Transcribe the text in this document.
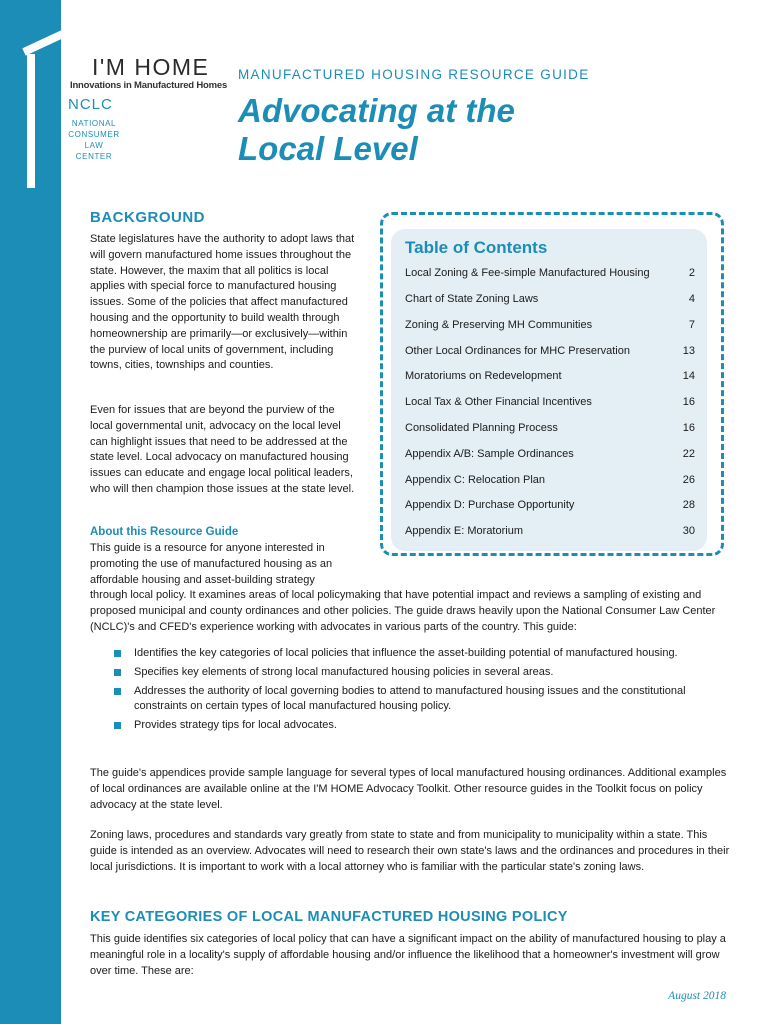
I'M HOME
Innovations in Manufactured Homes
NCLC
NATIONAL
CONSUMER
LAW
CENTER
MANUFACTURED HOUSING RESOURCE GUIDE
Advocating at the
Local Level
BACKGROUND
State legislatures have the authority to adopt laws that will govern manufactured home issues throughout the state. However, the maxim that all politics is local applies with special force to manufactured housing issues. Some of the policies that affect manufactured housing and the opportunity to build wealth through homeownership are primarily—or exclusively—within the purview of local units of government, including towns, cities, townships and counties.
Even for issues that are beyond the purview of the local governmental unit, advocacy on the local level can highlight issues that need to be addressed at the state level. Local advocacy on manufactured housing issues can educate and engage local political leaders, who will then champion those issues at the state level.
About this Resource Guide
This guide is a resource for anyone interested in promoting the use of manufactured housing as an affordable housing and asset-building strategy
through local policy. It examines areas of local policymaking that have potential impact and reviews a sampling of existing and proposed municipal and county ordinances and other policies. The guide draws heavily upon the National Consumer Law Center (NCLC)'s and CFED's experience working with advocates in various parts of the country. This guide:
Table of Contents
Local Zoning & Fee-simple Manufactured Housing	2
Chart of State Zoning Laws	4
Zoning & Preserving MH Communities	7
Other Local Ordinances for MHC Preservation	13
Moratoriums on Redevelopment	14
Local Tax & Other Financial Incentives	16
Consolidated Planning Process	16
Appendix A/B: Sample Ordinances	22
Appendix C: Relocation Plan	26
Appendix D: Purchase Opportunity	28
Appendix E: Moratorium	30
Identifies the key categories of local policies that influence the asset-building potential of manufactured housing.
Specifies key elements of strong local manufactured housing policies in several areas.
Addresses the authority of local governing bodies to attend to manufactured housing issues and the constitutional constraints on certain types of local manufactured housing policy.
Provides strategy tips for local advocates.
The guide's appendices provide sample language for several types of local manufactured housing ordinances. Additional examples of local ordinances are available online at the I'M HOME Advocacy Toolkit. Other resource guides in the Toolkit focus on policy advocacy at the state level.
Zoning laws, procedures and standards vary greatly from state to state and from municipality to municipality within a state. This guide is intended as an overview. Advocates will need to research their own state's laws and the ordinances and procedures in their local jurisdictions. It is important to work with a local attorney who is familiar with the particular state's zoning laws.
KEY CATEGORIES OF LOCAL MANUFACTURED HOUSING POLICY
This guide identifies six categories of local policy that can have a significant impact on the ability of manufactured housing to play a meaningful role in a locality's supply of affordable housing and/or influence the likelihood that a homeowner's investment will grow over time. These are:
August 2018
